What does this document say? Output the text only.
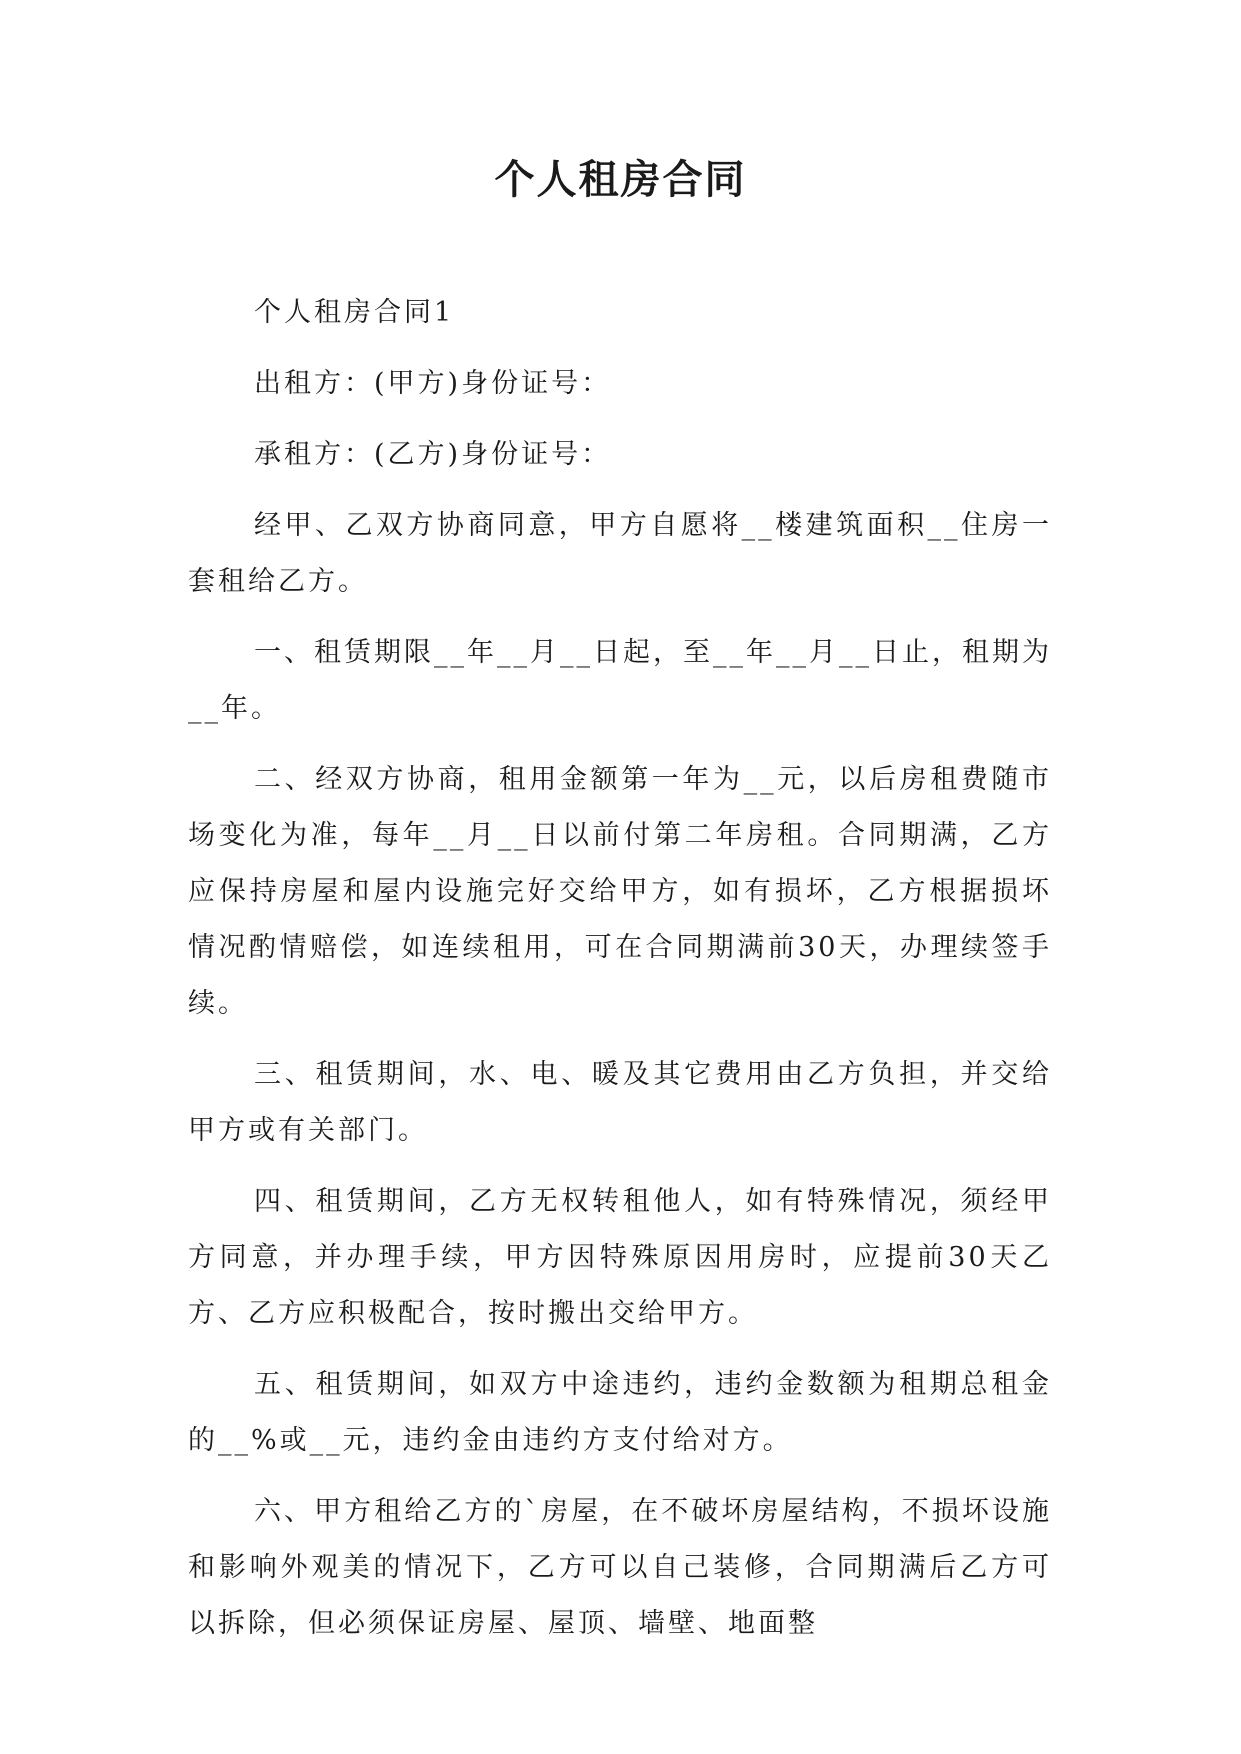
个人租房合同

个人租房合同1

出租方：(甲方)身份证号：

承租方：(乙方)身份证号：

经甲、乙双方协商同意，甲方自愿将__楼建筑面积__住房一套租给乙方。

一、租赁期限__年__月__日起，至__年__月__日止，租期为__年。

二、经双方协商，租用金额第一年为__元，以后房租费随市场变化为准，每年__月__日以前付第二年房租。合同期满，乙方应保持房屋和屋内设施完好交给甲方，如有损坏，乙方根据损坏情况酌情赔偿，如连续租用，可在合同期满前30天，办理续签手续。

三、租赁期间，水、电、暖及其它费用由乙方负担，并交给甲方或有关部门。

四、租赁期间，乙方无权转租他人，如有特殊情况，须经甲方同意，并办理手续，甲方因特殊原因用房时，应提前30天乙方、乙方应积极配合，按时搬出交给甲方。

五、租赁期间，如双方中途违约，违约金数额为租期总租金的__%或__元，违约金由违约方支付给对方。

六、甲方租给乙方的`房屋，在不破坏房屋结构，不损坏设施和影响外观美的情况下，乙方可以自己装修，合同期满后乙方可以拆除，但必须保证房屋、屋顶、墙壁、地面整
